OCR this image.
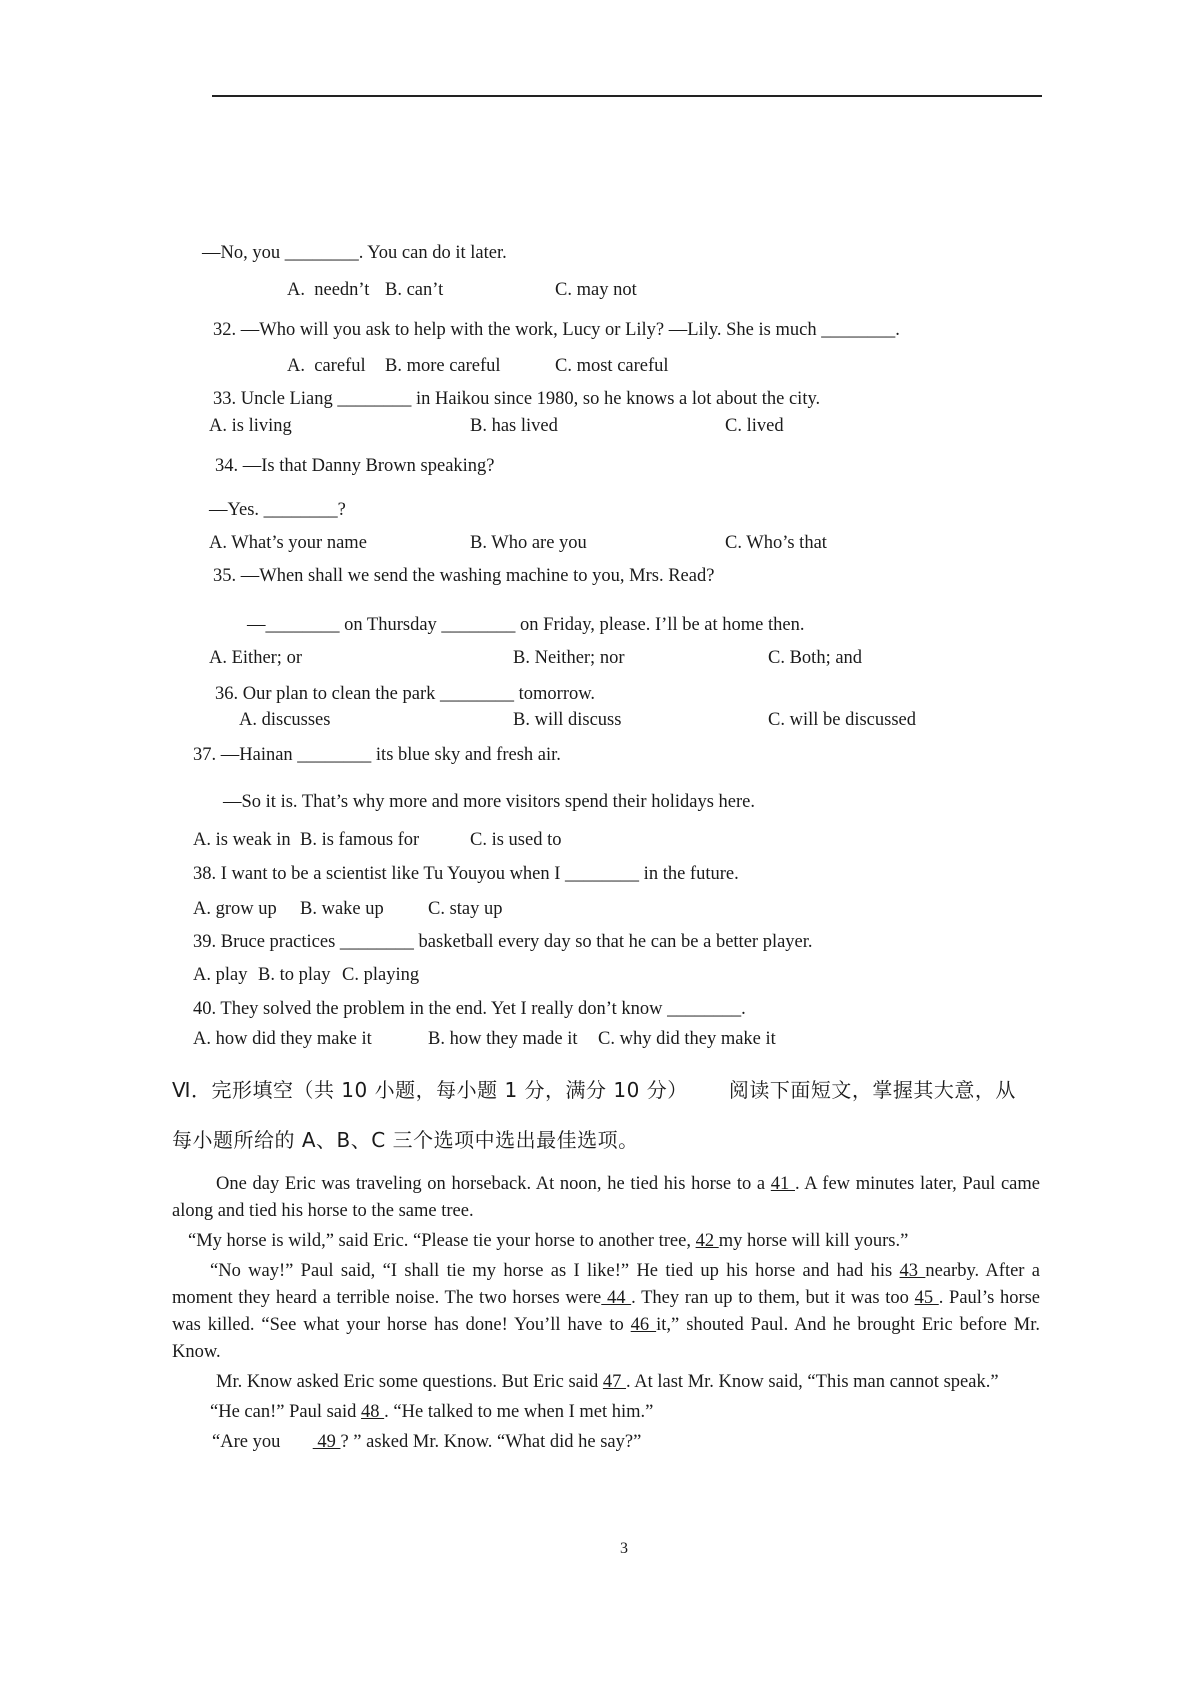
—No, you ________. You can do it later.
A.  needn’t B. can’t	C. may not
32. —Who will you ask to help with the work, Lucy or Lily? —Lily. She is much ________.
A.  careful B. more careful	C. most careful
33. Uncle Liang ________ in Haikou since 1980, so he knows a lot about the city.
A. is living	B. has lived	C. lived
34. —Is that Danny Brown speaking?
—Yes. ________?
A. What’s your name	B. Who are you	C. Who’s that
35. —When shall we send the washing machine to you, Mrs. Read?
—________ on Thursday ________ on Friday, please. I’ll be at home then.
A. Either; or	B. Neither; nor	C. Both; and
36. Our plan to clean the park ________ tomorrow.
A. discusses	B. will discuss	C. will be discussed
37. —Hainan ________ its blue sky and fresh air.
—So it is. That’s why more and more visitors spend their holidays here.
A. is weak in B. is famous for	C. is used to
38. I want to be a scientist like Tu Youyou when I ________ in the future.
A. grow up B. wake up C. stay up
39. Bruce practices ________ basketball every day so that he can be a better player.
A. play B. to play C. playing
40. They solved the problem in the end. Yet I really don’t know ________.
A. how did they make it	B. how they made it C. why did they make it
Ⅵ．完形填空（共 10 小题，每小题 1 分，满分 10 分）      阅读下面短文，掌握其大意，从
每小题所给的 A、B、C 三个选项中选出最佳选项。

One day Eric was traveling on horseback. At noon, he tied his horse to a 41 . A few minutes later, Paul came along and tied his horse to the same tree.

“My horse is wild,” said Eric. “Please tie your horse to another tree, 42 my horse will kill yours.”

“No way!” Paul said, “I shall tie my horse as I like!” He tied up his horse and had his 43 nearby. After a moment they heard a terrible noise. The two horses were 44 . They ran up to them, but it was too 45 . Paul’s horse was killed. “See what your horse has done! You’ll have to 46 it,” shouted Paul. And he brought Eric before Mr. Know.

Mr. Know asked Eric some questions. But Eric said 47 . At last Mr. Know said, “This man cannot speak.”

“He can!” Paul said 48 . “He talked to me when I met him.”

“Are you        49 ? ” asked Mr. Know. “What did he say?”

3
